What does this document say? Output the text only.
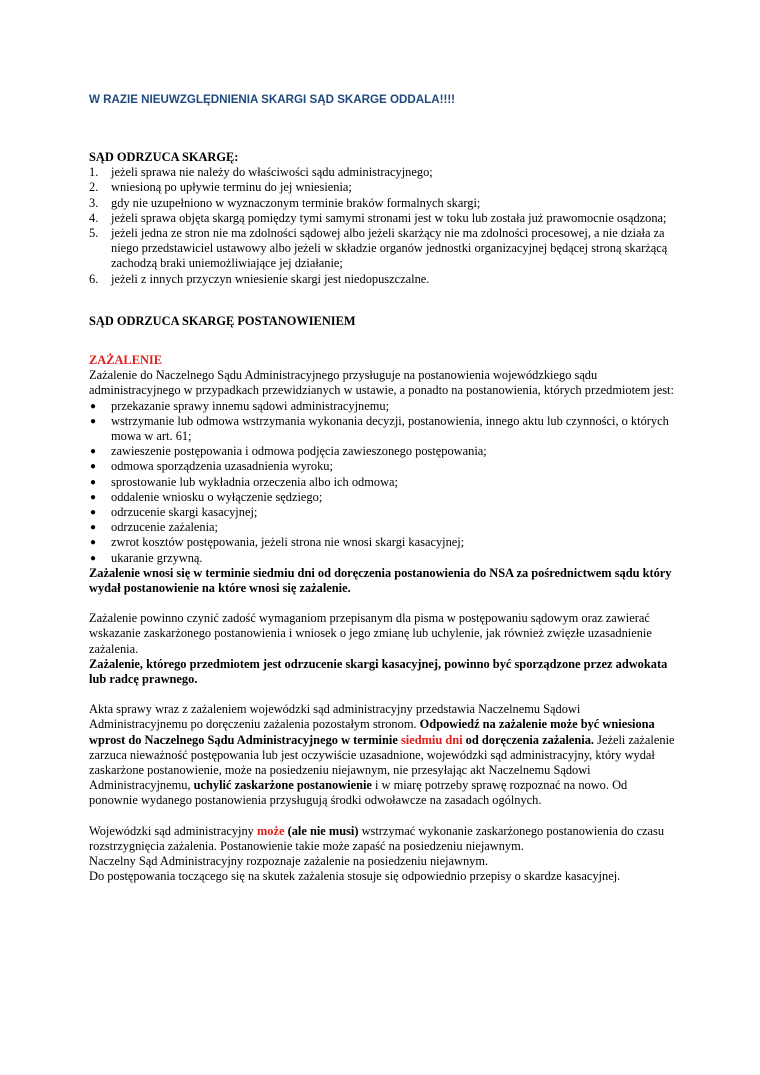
W RAZIE NIEUWZGLĘDNIENIA SKARGI SĄD SKARGE ODDALA!!!!

SĄD ODRZUCA SKARGĘ:

1. jeżeli sprawa nie należy do właściwości sądu administracyjnego;
2. wniesioną po upływie terminu do jej wniesienia;
3. gdy nie uzupełniono w wyznaczonym terminie braków formalnych skargi;
4. jeżeli sprawa objęta skargą pomiędzy tymi samymi stronami jest w toku lub została już prawomocnie osądzona;
5. jeżeli jedna ze stron nie ma zdolności sądowej albo jeżeli skarżący nie ma zdolności procesowej, a nie działa za niego przedstawiciel ustawowy albo jeżeli w składzie organów jednostki organizacyjnej będącej stroną skarżącą zachodzą braki uniemożliwiające jej działanie;
6. jeżeli z innych przyczyn wniesienie skargi jest niedopuszczalne.

SĄD ODRZUCA SKARGĘ POSTANOWIENIEM

ZAŻALENIE

Zażalenie do Naczelnego Sądu Administracyjnego przysługuje na postanowienia wojewódzkiego sądu administracyjnego w przypadkach przewidzianych w ustawie, a ponadto na postanowienia, których przedmiotem jest:

● przekazanie sprawy innemu sądowi administracyjnemu;
● wstrzymanie lub odmowa wstrzymania wykonania decyzji, postanowienia, innego aktu lub czynności, o których mowa w art. 61;
● zawieszenie postępowania i odmowa podjęcia zawieszonego postępowania;
● odmowa sporządzenia uzasadnienia wyroku;
● sprostowanie lub wykładnia orzeczenia albo ich odmowa;
● oddalenie wniosku o wyłączenie sędziego;
● odrzucenie skargi kasacyjnej;
● odrzucenie zażalenia;
● zwrot kosztów postępowania, jeżeli strona nie wnosi skargi kasacyjnej;
● ukaranie grzywną.

Zażalenie wnosi się w terminie siedmiu dni od doręczenia postanowienia do NSA za pośrednictwem sądu który wydał postanowienie na które wnosi się zażalenie.

Zażalenie powinno czynić zadość wymaganiom przepisanym dla pisma w postępowaniu sądowym oraz zawierać wskazanie zaskarżonego postanowienia i wniosek o jego zmianę lub uchylenie, jak również zwięzłe uzasadnienie zażalenia.

Zażalenie, którego przedmiotem jest odrzucenie skargi kasacyjnej, powinno być sporządzone przez adwokata lub radcę prawnego.

Akta sprawy wraz z zażaleniem wojewódzki sąd administracyjny przedstawia Naczelnemu Sądowi Administracyjnemu po doręczeniu zażalenia pozostałym stronom. Odpowiedź na zażalenie może być wniesiona wprost do Naczelnego Sądu Administracyjnego w terminie siedmiu dni od doręczenia zażalenia. Jeżeli zażalenie zarzuca nieważność postępowania lub jest oczywiście uzasadnione, wojewódzki sąd administracyjny, który wydał zaskarżone postanowienie, może na posiedzeniu niejawnym, nie przesyłając akt Naczelnemu Sądowi Administracyjnemu, uchylić zaskarżone postanowienie i w miarę potrzeby sprawę rozpoznać na nowo. Od ponownie wydanego postanowienia przysługują środki odwoławcze na zasadach ogólnych.

Wojewódzki sąd administracyjny może (ale nie musi) wstrzymać wykonanie zaskarżonego postanowienia do czasu rozstrzygnięcia zażalenia. Postanowienie takie może zapaść na posiedzeniu niejawnym.

Naczelny Sąd Administracyjny rozpoznaje zażalenie na posiedzeniu niejawnym.

Do postępowania toczącego się na skutek zażalenia stosuje się odpowiednio przepisy o skardze kasacyjnej.
